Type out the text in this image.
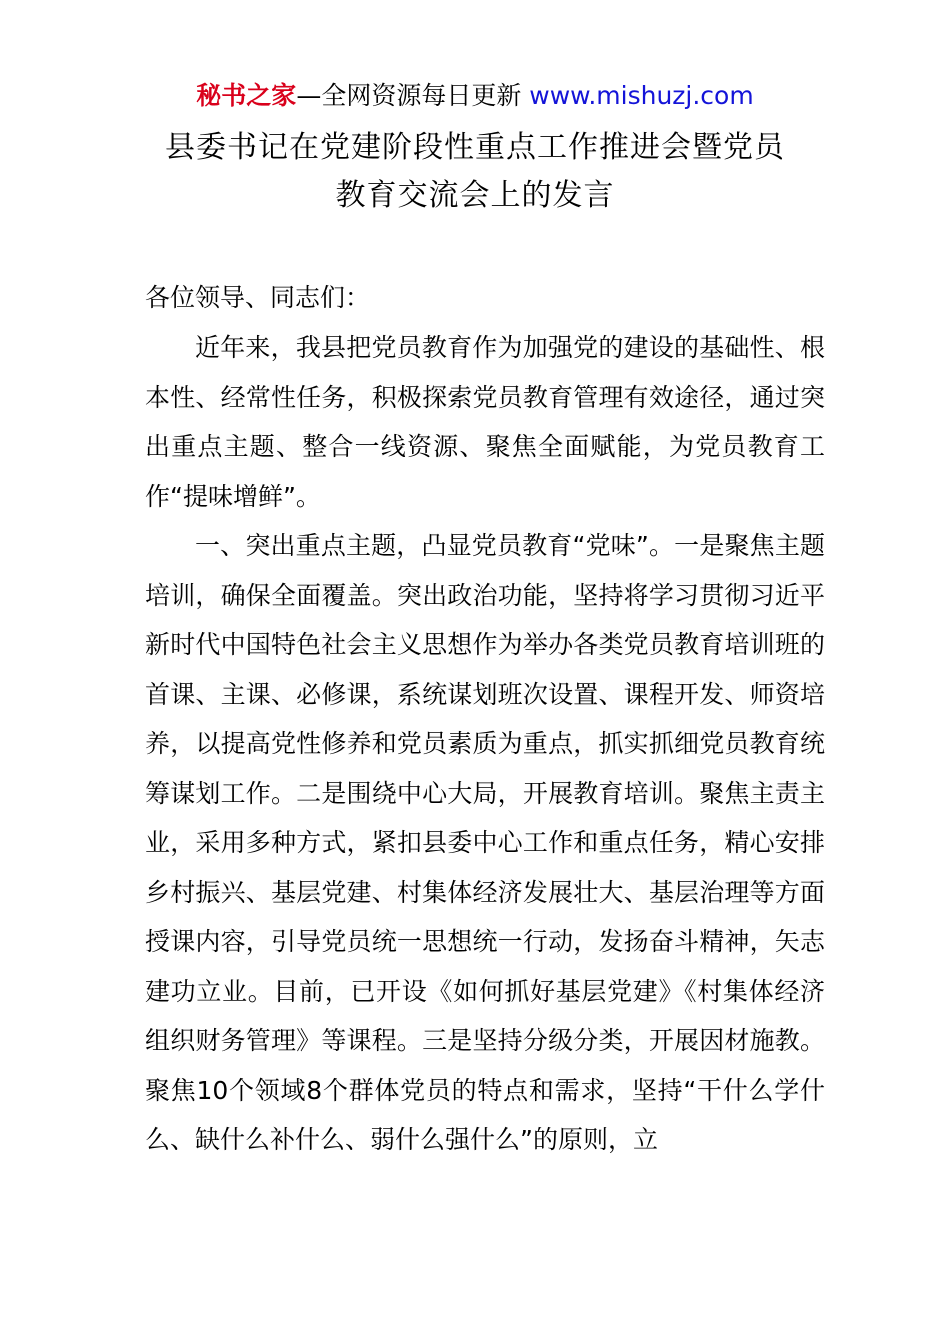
秘书之家—全网资源每日更新 www.mishuzj.com
县委书记在党建阶段性重点工作推进会暨党员
教育交流会上的发言

各位领导、同志们：

近年来，我县把党员教育作为加强党的建设的基础性、根本性、经常性任务，积极探索党员教育管理有效途径，通过突出重点主题、整合一线资源、聚焦全面赋能，为党员教育工作“提味增鲜”。

一、突出重点主题，凸显党员教育“党味”。一是聚焦主题培训，确保全面覆盖。突出政治功能，坚持将学习贯彻习近平新时代中国特色社会主义思想作为举办各类党员教育培训班的首课、主课、必修课，系统谋划班次设置、课程开发、师资培养，以提高党性修养和党员素质为重点，抓实抓细党员教育统筹谋划工作。二是围绕中心大局，开展教育培训。聚焦主责主业，采用多种方式，紧扣县委中心工作和重点任务，精心安排乡村振兴、基层党建、村集体经济发展壮大、基层治理等方面授课内容，引导党员统一思想统一行动，发扬奋斗精神，矢志建功立业。目前，已开设《如何抓好基层党建》《村集体经济组织财务管理》等课程。三是坚持分级分类，开展因材施教。聚焦10个领域8个群体党员的特点和需求，坚持“干什么学什么、缺什么补什么、弱什么强什么”的原则，立
